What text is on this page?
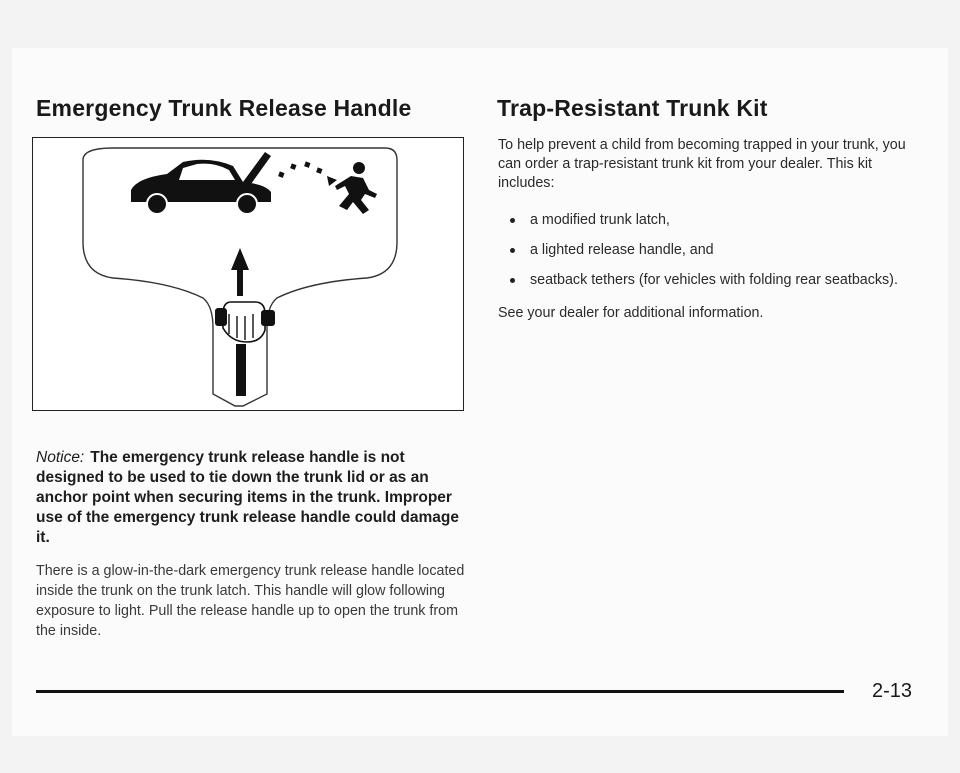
Emergency Trunk Release Handle

Notice: The emergency trunk release handle is not designed to be used to tie down the trunk lid or as an anchor point when securing items in the trunk. Improper use of the emergency trunk release handle could damage it.

There is a glow-in-the-dark emergency trunk release handle located inside the trunk on the trunk latch. This handle will glow following exposure to light. Pull the release handle up to open the trunk from the inside.

Trap-Resistant Trunk Kit

To help prevent a child from becoming trapped in your trunk, you can order a trap-resistant trunk kit from your dealer. This kit includes:

a modified trunk latch,
a lighted release handle, and
seatback tethers (for vehicles with folding rear seatbacks).

See your dealer for additional information.

2-13
